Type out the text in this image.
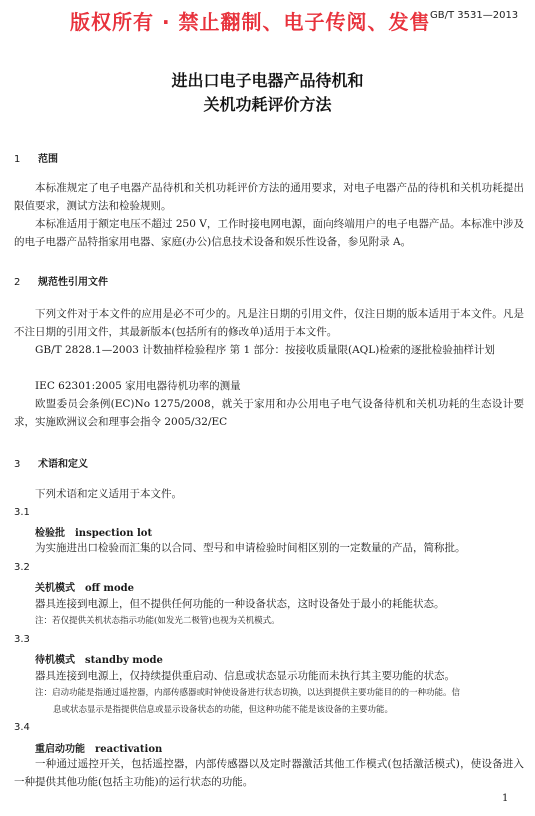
版权所有 · 禁止翻制、电子传阅、发售 GB/T 3531—2013
进出口电子电器产品待机和
关机功耗评价方法
1 范围
本标准规定了电子电器产品待机和关机功耗评价方法的通用要求，对电子电器产品的待机和关机功耗提出限值要求，测试方法和检验规则。
本标准适用于额定电压不超过 250 V，工作时接电网电源，面向终端用户的电子电器产品。本标准中涉及的电子电器产品特指家用电器、家庭(办公)信息技术设备和娱乐性设备，参见附录 A。
2 规范性引用文件
下列文件对于本文件的应用是必不可少的。凡是注日期的引用文件，仅注日期的版本适用于本文件。凡是不注日期的引用文件，其最新版本(包括所有的修改单)适用于本文件。
GB/T 2828.1—2003 计数抽样检验程序 第 1 部分：按接收质量限(AQL)检索的逐批检验抽样计划
IEC 62301:2005 家用电器待机功率的测量
欧盟委员会条例(EC)No 1275/2008，就关于家用和办公用电子电气设备待机和关机功耗的生态设计要求，实施欧洲议会和理事会指令 2005/32/EC
3 术语和定义
下列术语和定义适用于本文件。
3.1
检验批 inspection lot
为实施进出口检验而汇集的以合同、型号和申请检验时间相区别的一定数量的产品，简称批。
3.2
关机模式 off mode
器具连接到电源上，但不提供任何功能的一种设备状态，这时设备处于最小的耗能状态。
注：若仅提供关机状态指示功能(如发光二极管)也视为关机模式。
3.3
待机模式 standby mode
器具连接到电源上，仅持续提供重启动、信息或状态显示功能而未执行其主要功能的状态。
注：启动功能是指通过遥控器，内部传感器或时钟使设备进行状态切换，以达到提供主要功能目的的一种功能。信
息或状态显示是指提供信息或显示设备状态的功能，但这种功能不能是该设备的主要功能。
3.4
重启动功能 reactivation
一种通过遥控开关，包括遥控器，内部传感器以及定时器激活其他工作模式(包括激活模式)，使设备进入一种提供其他功能(包括主功能)的运行状态的功能。
1
